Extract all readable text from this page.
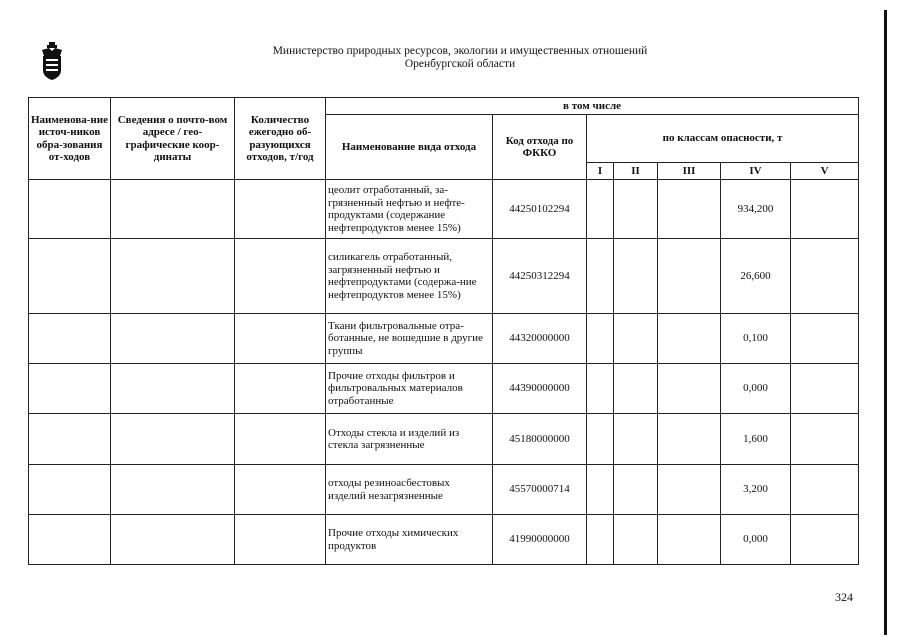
Министерство природных ресурсов, экологии и имущественных отношений
Оренбургской области
Наименова-ние источ-ников обра-зования от-ходов	Сведения о почто-вом адресе / гео-графические коор-динаты	Количество ежегодно об-разующихся отходов, т/год	в том числе						
			Наименование вида отхода	Код отхода по ФККО	по классам опасности, т				
					I	II	III	IV	V
			цеолит отработанный, за-грязненный нефтью и нефте-продуктами (содержание нефтепродуктов менее 15%)	44250102294				934,200	
			силикагель отработанный, загрязненный нефтью и нефтепродуктами (содержа-ние нефтепродуктов менее 15%)	44250312294				26,600	
			Ткани фильтровальные отра-ботанные, не вошедшие в другие группы	44320000000				0,100	
			Прочие отходы фильтров и фильтровальных материалов отработанные	44390000000				0,000	
			Отходы стекла и изделий из стекла загрязненные	45180000000				1,600	
			отходы резиноасбестовых изделий незагрязненные	45570000714				3,200	
			Прочие отходы химических продуктов	41990000000				0,000	
324
